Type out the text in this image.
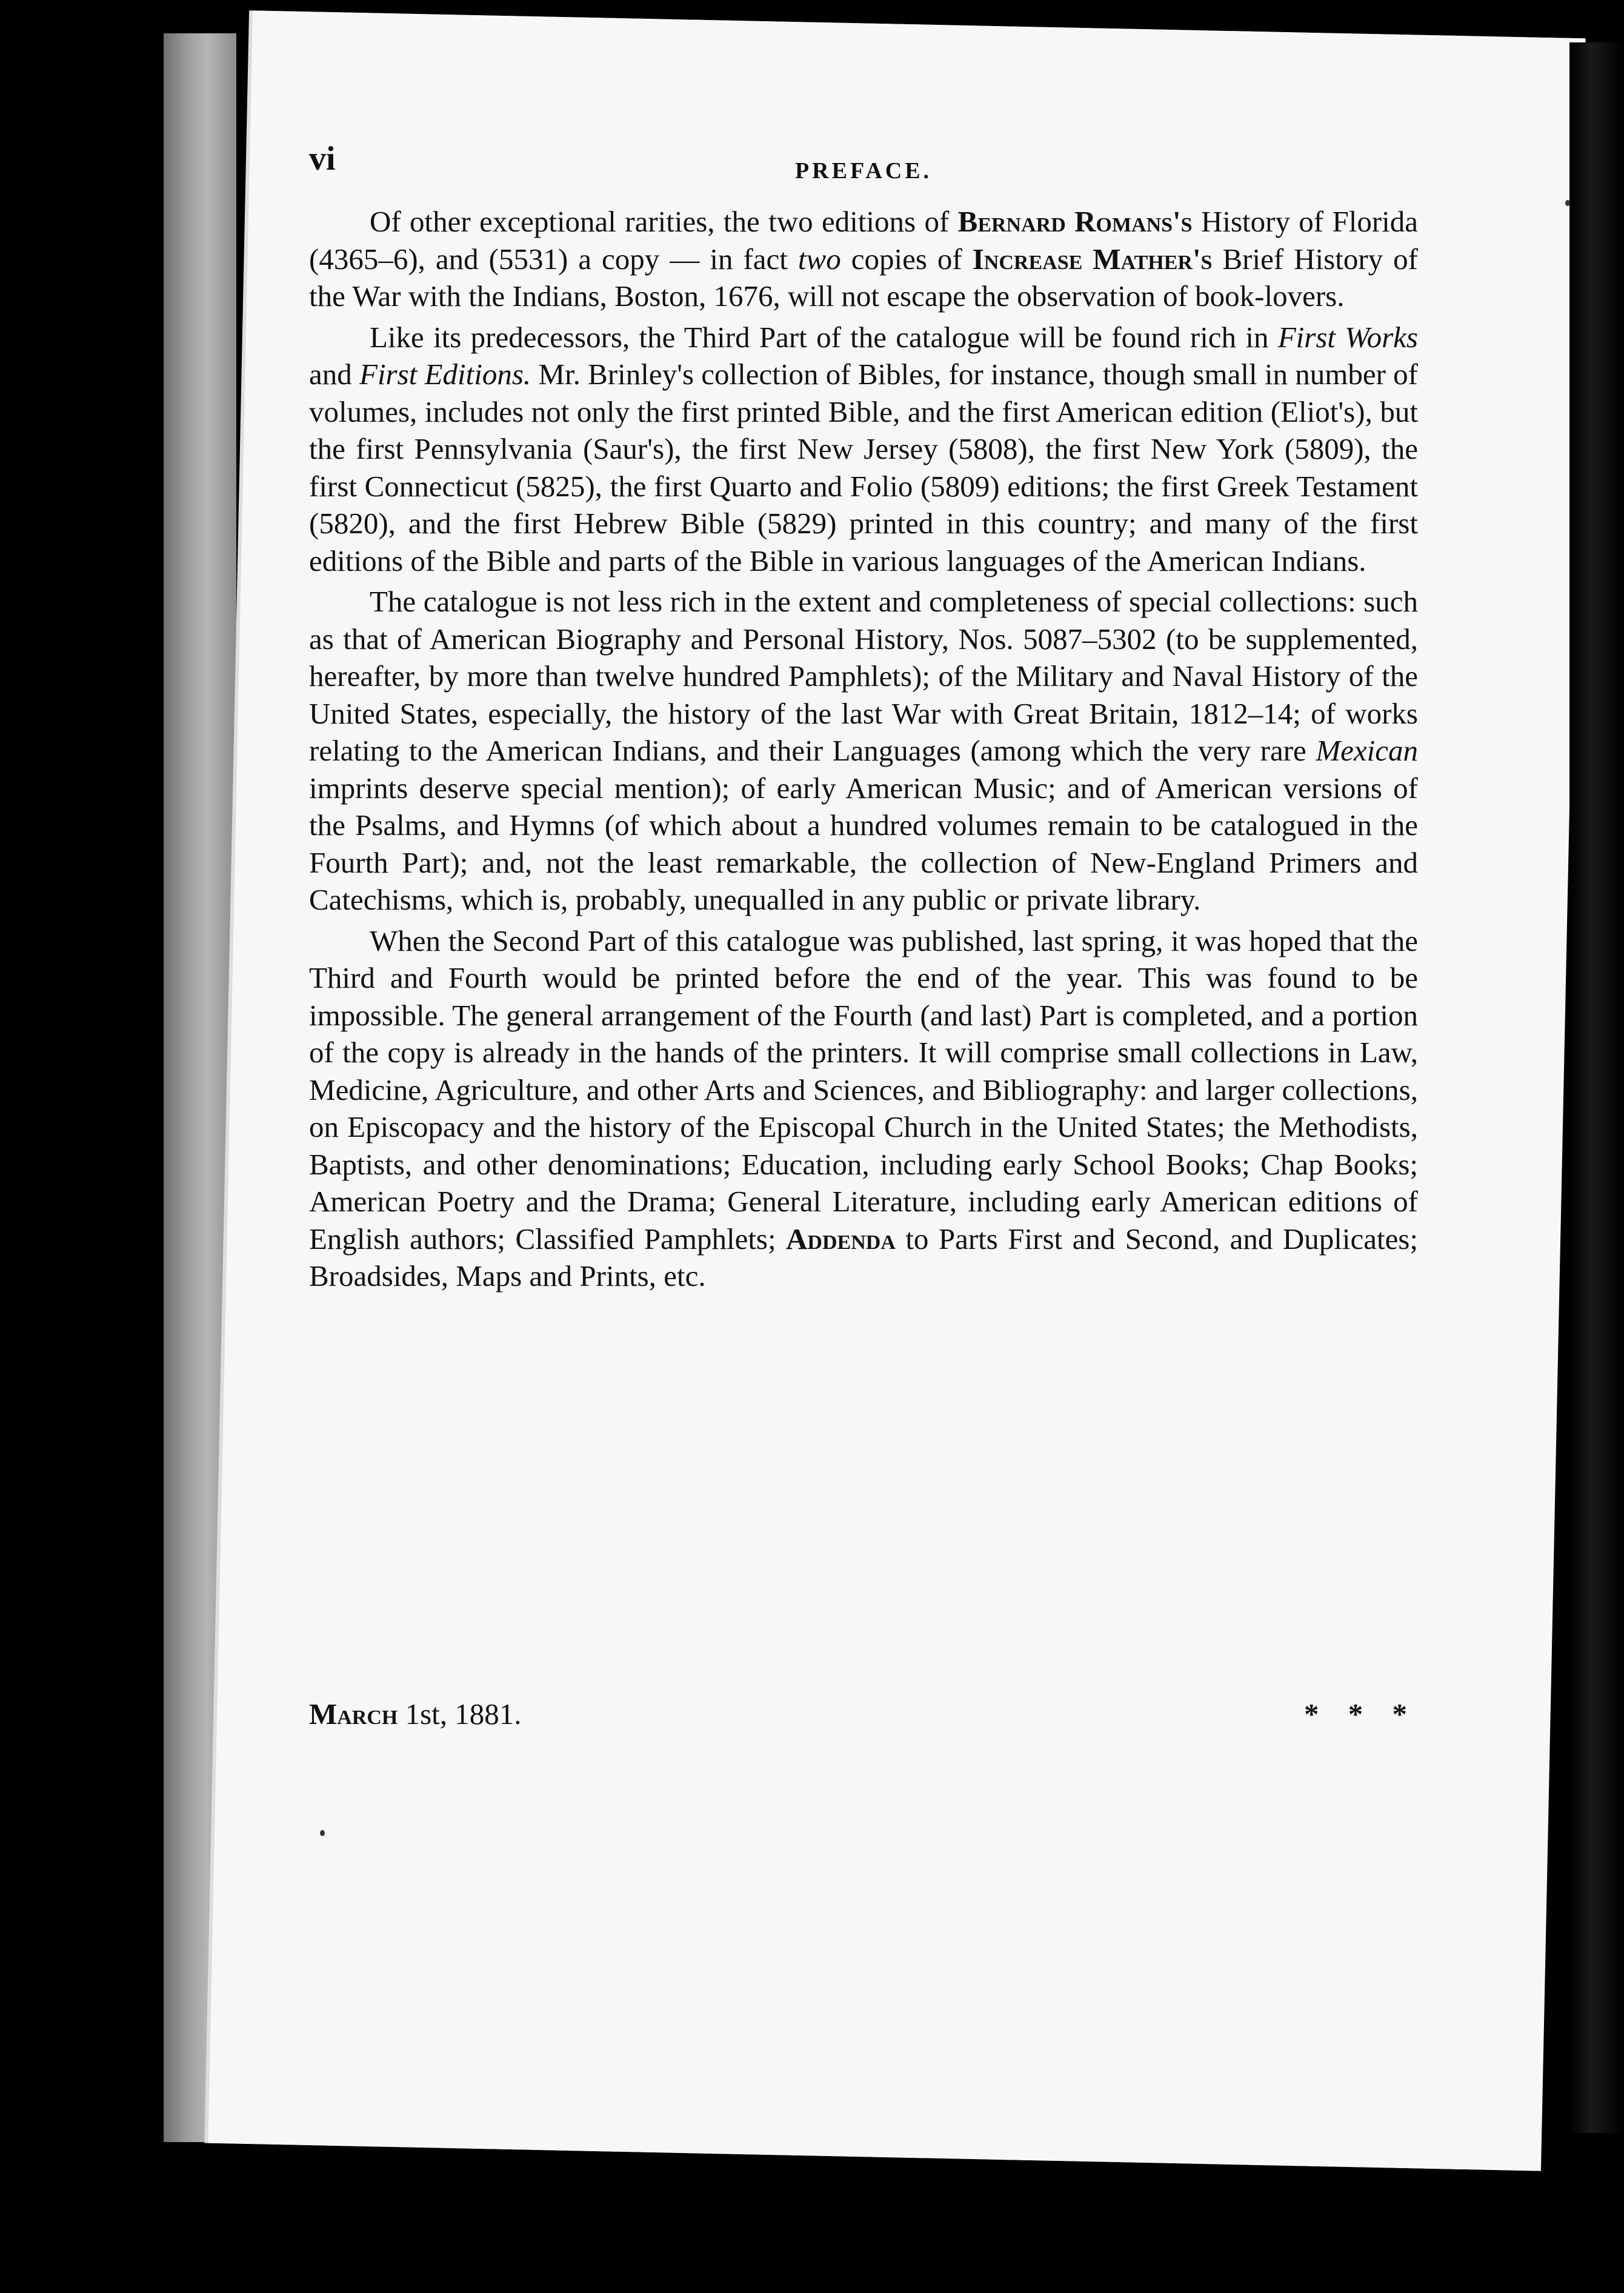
vi	PREFACE.

Of other exceptional rarities, the two editions of Bernard Romans's History of Florida (4365–6), and (5531) a copy — in fact two copies of Increase Mather's Brief History of the War with the Indians, Boston, 1676, will not escape the observation of book-lovers.

Like its predecessors, the Third Part of the catalogue will be found rich in First Works and First Editions. Mr. Brinley's collection of Bibles, for instance, though small in number of volumes, includes not only the first printed Bible, and the first American edition (Eliot's), but the first Pennsylvania (Saur's), the first New Jersey (5808), the first New York (5809), the first Connecticut (5825), the first Quarto and Folio (5809) editions; the first Greek Testament (5820), and the first Hebrew Bible (5829) printed in this country; and many of the first editions of the Bible and parts of the Bible in various languages of the American Indians.

The catalogue is not less rich in the extent and completeness of special collections: such as that of American Biography and Personal History, Nos. 5087–5302 (to be supplemented, hereafter, by more than twelve hundred Pamphlets); of the Military and Naval History of the United States, especially, the history of the last War with Great Britain, 1812–14; of works relating to the American Indians, and their Languages (among which the very rare Mexican imprints deserve special mention); of early American Music; and of American versions of the Psalms, and Hymns (of which about a hundred volumes remain to be catalogued in the Fourth Part); and, not the least remarkable, the collection of New-England Primers and Catechisms, which is, probably, unequalled in any public or private library.

When the Second Part of this catalogue was published, last spring, it was hoped that the Third and Fourth would be printed before the end of the year. This was found to be impossible. The general arrangement of the Fourth (and last) Part is completed, and a portion of the copy is already in the hands of the printers. It will comprise small collections in Law, Medicine, Agriculture, and other Arts and Sciences, and Bibliography: and larger collections, on Episcopacy and the history of the Episcopal Church in the United States; the Methodists, Baptists, and other denominations; Education, including early School Books; Chap Books; American Poetry and the Drama; General Literature, including early American editions of English authors; Classified Pamphlets; Addenda to Parts First and Second, and Duplicates; Broadsides, Maps and Prints, etc.

March 1st, 1881.	* * *
